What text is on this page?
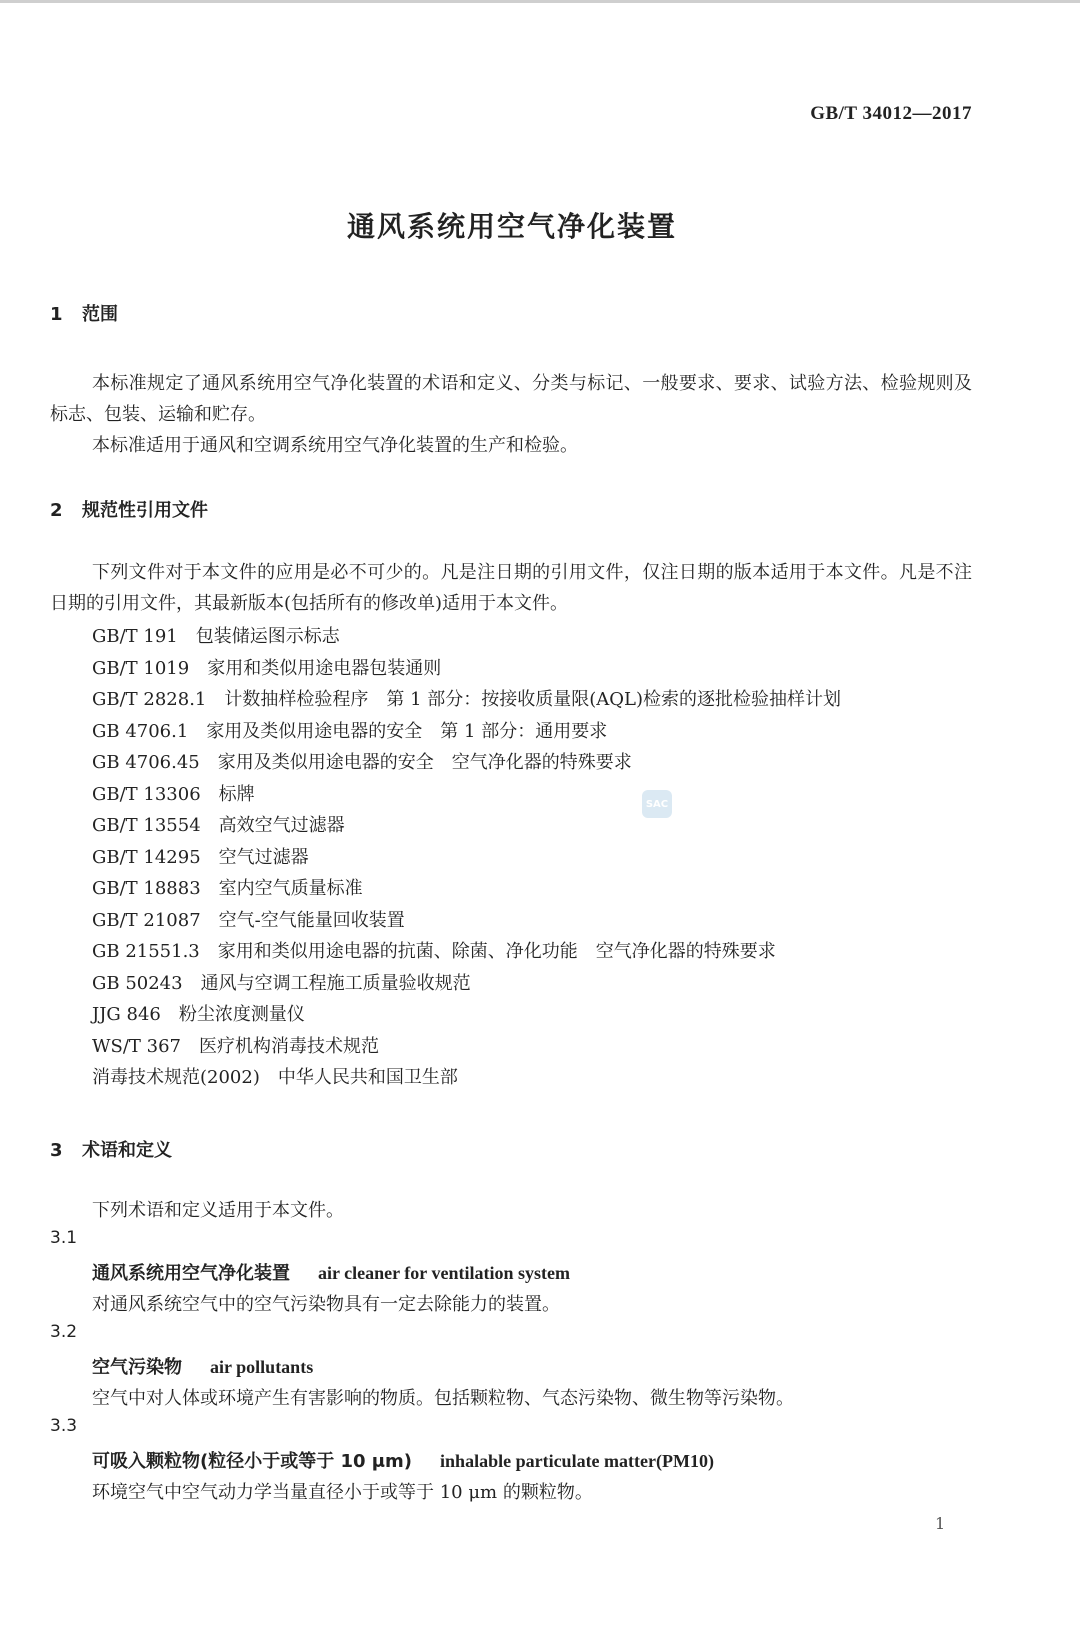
GB/T 34012—2017
通风系统用空气净化装置
1 范围

本标准规定了通风系统用空气净化装置的术语和定义、分类与标记、一般要求、要求、试验方法、检验规则及标志、包装、运输和贮存。

本标准适用于通风和空调系统用空气净化装置的生产和检验。

2 规范性引用文件

下列文件对于本文件的应用是必不可少的。凡是注日期的引用文件，仅注日期的版本适用于本文件。凡是不注日期的引用文件，其最新版本(包括所有的修改单)适用于本文件。

GB/T 191 包装储运图示标志
GB/T 1019 家用和类似用途电器包装通则
GB/T 2828.1 计数抽样检验程序　第 1 部分：按接收质量限(AQL)检索的逐批检验抽样计划
GB 4706.1 家用及类似用途电器的安全　第 1 部分：通用要求
GB 4706.45 家用及类似用途电器的安全　空气净化器的特殊要求
GB/T 13306 标牌
GB/T 13554 高效空气过滤器
GB/T 14295 空气过滤器
GB/T 18883 室内空气质量标准
GB/T 21087 空气-空气能量回收装置
GB 21551.3 家用和类似用途电器的抗菌、除菌、净化功能　空气净化器的特殊要求
GB 50243 通风与空调工程施工质量验收规范
JJG 846 粉尘浓度测量仪
WS/T 367 医疗机构消毒技术规范
消毒技术规范(2002) 中华人民共和国卫生部
SAC
3 术语和定义
下列术语和定义适用于本文件。
3.1
通风系统用空气净化装置 air cleaner for ventilation system
对通风系统空气中的空气污染物具有一定去除能力的装置。
3.2
空气污染物 air pollutants
空气中对人体或环境产生有害影响的物质。包括颗粒物、气态污染物、微生物等污染物。
3.3
可吸入颗粒物(粒径小于或等于 10 μm) inhalable particulate matter(PM10)
环境空气中空气动力学当量直径小于或等于 10 μm 的颗粒物。
1
